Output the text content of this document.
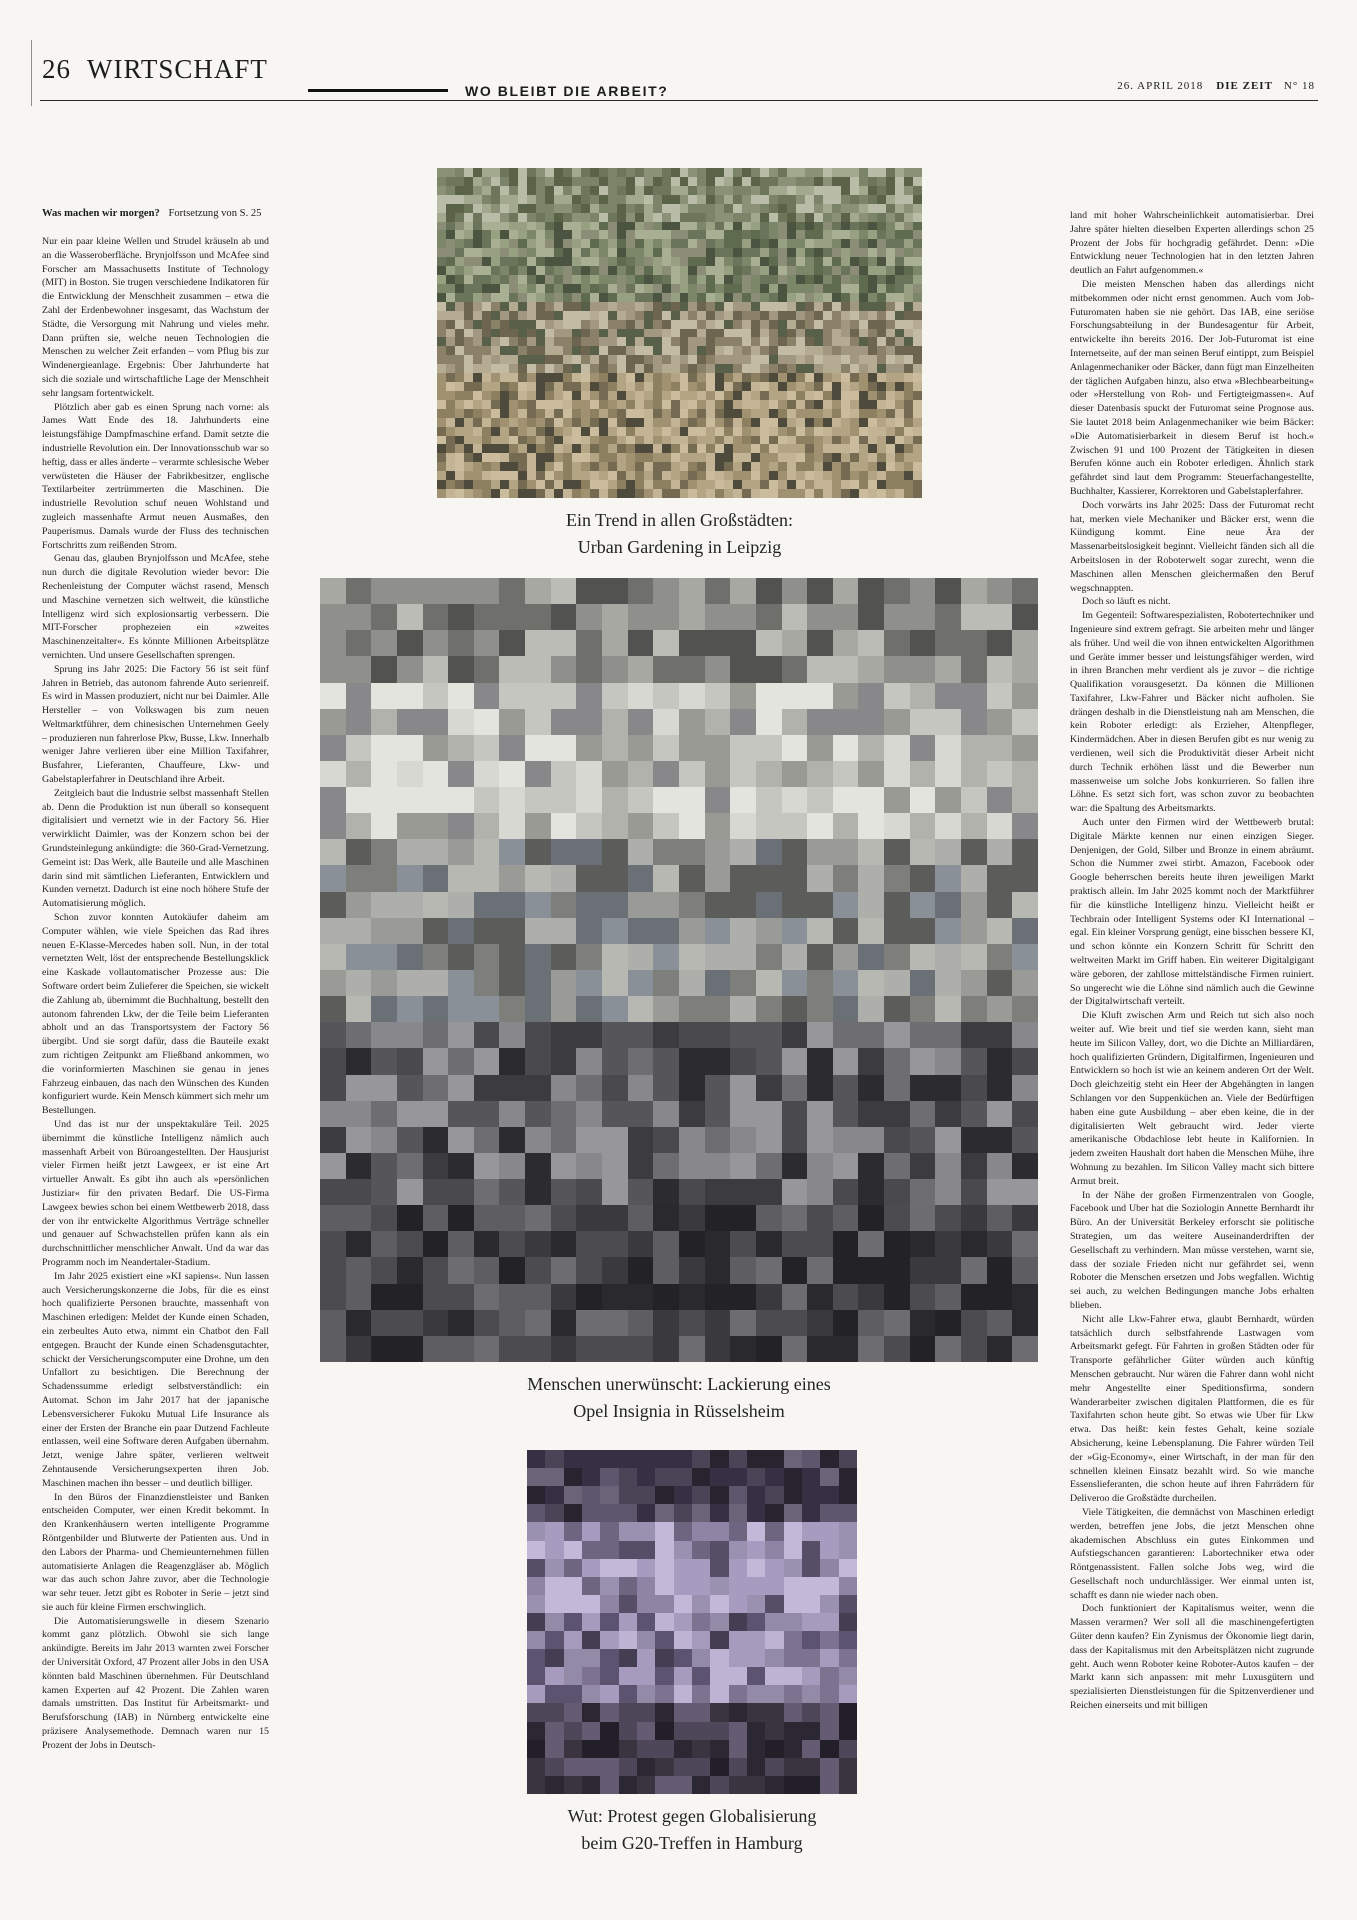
26 WIRTSCHAFT
WO BLEIBT DIE ARBEIT?	26. APRIL 2018 DIE ZEIT N° 18

Was machen wir morgen? Fortsetzung von S. 25

Nur ein paar kleine Wellen und Strudel kräuseln ab und an die Wasseroberfläche. Brynjolfsson und McAfee sind Forscher am Massachusetts Institute of Technology (MIT) in Boston. Sie trugen verschiedene Indikatoren für die Entwicklung der Menschheit zusammen – etwa die Zahl der Erdenbewohner insgesamt, das Wachstum der Städte, die Versorgung mit Nahrung und vieles mehr. Dann prüften sie, welche neuen Technologien die Menschen zu welcher Zeit erfanden – vom Pflug bis zur Windenergieanlage. Ergebnis: Über Jahrhunderte hat sich die soziale und wirtschaftliche Lage der Menschheit sehr langsam fortentwickelt.

Plötzlich aber gab es einen Sprung nach vorne: als James Watt Ende des 18. Jahrhunderts eine leistungsfähige Dampfmaschine erfand. Damit setzte die industrielle Revolution ein. Der Innovationsschub war so heftig, dass er alles änderte – verarmte schlesische Weber verwüsteten die Häuser der Fabrikbesitzer, englische Textilarbeiter zertrümmerten die Maschinen. Die industrielle Revolution schuf neuen Wohlstand und zugleich massenhafte Armut neuen Ausmaßes, den Pauperismus. Damals wurde der Fluss des technischen Fortschritts zum reißenden Strom.

Genau das, glauben Brynjolfsson und McAfee, stehe nun durch die digitale Revolution wieder bevor: Die Rechenleistung der Computer wächst rasend, Mensch und Maschine vernetzen sich weltweit, die künstliche Intelligenz wird sich explosionsartig verbessern. Die MIT-Forscher prophezeien ein »zweites Maschinenzeitalter«. Es könnte Millionen Arbeitsplätze vernichten. Und unsere Gesellschaften sprengen.

Sprung ins Jahr 2025: Die Factory 56 ist seit fünf Jahren in Betrieb, das autonom fahrende Auto serienreif. Es wird in Massen produziert, nicht nur bei Daimler. Alle Hersteller – von Volkswagen bis zum neuen Weltmarktführer, dem chinesischen Unternehmen Geely – produzieren nun fahrerlose Pkw, Busse, Lkw. Innerhalb weniger Jahre verlieren über eine Million Taxifahrer, Busfahrer, Lieferanten, Chauffeure, Lkw- und Gabelstaplerfahrer in Deutschland ihre Arbeit.

Zeitgleich baut die Industrie selbst massenhaft Stellen ab. Denn die Produktion ist nun überall so konsequent digitalisiert und vernetzt wie in der Factory 56. Hier verwirklicht Daimler, was der Konzern schon bei der Grundsteinlegung ankündigte: die 360-Grad-Vernetzung. Gemeint ist: Das Werk, alle Bauteile und alle Maschinen darin sind mit sämtlichen Lieferanten, Entwicklern und Kunden vernetzt. Dadurch ist eine noch höhere Stufe der Automatisierung möglich.

Schon zuvor konnten Autokäufer daheim am Computer wählen, wie viele Speichen das Rad ihres neuen E-Klasse-Mercedes haben soll. Nun, in der total vernetzten Welt, löst der entsprechende Bestellungsklick eine Kaskade vollautomatischer Prozesse aus: Die Software ordert beim Zulieferer die Speichen, sie wickelt die Zahlung ab, übernimmt die Buchhaltung, bestellt den autonom fahrenden Lkw, der die Teile beim Lieferanten abholt und an das Transportsystem der Factory 56 übergibt. Und sie sorgt dafür, dass die Bauteile exakt zum richtigen Zeitpunkt am Fließband ankommen, wo die vorinformierten Maschinen sie genau in jenes Fahrzeug einbauen, das nach den Wünschen des Kunden konfiguriert wurde. Kein Mensch kümmert sich mehr um Bestellungen.

Und das ist nur der unspektakuläre Teil. 2025 übernimmt die künstliche Intelligenz nämlich auch massenhaft Arbeit von Büroangestellten. Der Hausjurist vieler Firmen heißt jetzt Lawgeex, er ist eine Art virtueller Anwalt. Es gibt ihn auch als »persönlichen Justiziar« für den privaten Bedarf. Die US-Firma Lawgeex bewies schon bei einem Wettbewerb 2018, dass der von ihr entwickelte Algorithmus Verträge schneller und genauer auf Schwachstellen prüfen kann als ein durchschnittlicher menschlicher Anwalt. Und da war das Programm noch im Neandertaler-Stadium.

Im Jahr 2025 existiert eine »KI sapiens«. Nun lassen auch Versicherungskonzerne die Jobs, für die es einst hoch qualifizierte Personen brauchte, massenhaft von Maschinen erledigen: Meldet der Kunde einen Schaden, ein zerbeultes Auto etwa, nimmt ein Chatbot den Fall entgegen. Braucht der Kunde einen Schadensgutachter, schickt der Versicherungscomputer eine Drohne, um den Unfallort zu besichtigen. Die Berechnung der Schadenssumme erledigt selbstverständlich: ein Automat. Schon im Jahr 2017 hat der japanische Lebensversicherer Fukoku Mutual Life Insurance als einer der Ersten der Branche ein paar Dutzend Fachleute entlassen, weil eine Software deren Aufgaben übernahm. Jetzt, wenige Jahre später, verlieren weltweit Zehntausende Versicherungsexperten ihren Job. Maschinen machen ihn besser – und deutlich billiger.

In den Büros der Finanzdienstleister und Banken entscheiden Computer, wer einen Kredit bekommt. In den Krankenhäusern werten intelligente Programme Röntgenbilder und Blutwerte der Patienten aus. Und in den Labors der Pharma- und Chemieunternehmen füllen automatisierte Anlagen die Reagenzgläser ab. Möglich war das auch schon Jahre zuvor, aber die Technologie war sehr teuer. Jetzt gibt es Roboter in Serie – jetzt sind sie auch für kleine Firmen erschwinglich.

Die Automatisierungswelle in diesem Szenario kommt ganz plötzlich. Obwohl sie sich lange ankündigte. Bereits im Jahr 2013 warnten zwei Forscher der Universität Oxford, 47 Prozent aller Jobs in den USA könnten bald Maschinen übernehmen. Für Deutschland kamen Experten auf 42 Prozent. Die Zahlen waren damals umstritten. Das Institut für Arbeitsmarkt- und Berufsforschung (IAB) in Nürnberg entwickelte eine präzisere Analysemethode. Demnach waren nur 15 Prozent der Jobs in Deutsch-

Ein Trend in allen Großstädten:
Urban Gardening in Leipzig
Menschen unerwünscht: Lackierung eines
Opel Insignia in Rüsselsheim
Wut: Protest gegen Globalisierung
beim G20-Treffen in Hamburg

land mit hoher Wahrscheinlichkeit automatisierbar. Drei Jahre später hielten dieselben Experten allerdings schon 25 Prozent der Jobs für hochgradig gefährdet. Denn: »Die Entwicklung neuer Technologien hat in den letzten Jahren deutlich an Fahrt aufgenommen.«

Die meisten Menschen haben das allerdings nicht mitbekommen oder nicht ernst genommen. Auch vom Job-Futuromaten haben sie nie gehört. Das IAB, eine seriöse Forschungsabteilung in der Bundesagentur für Arbeit, entwickelte ihn bereits 2016. Der Job-Futuromat ist eine Internetseite, auf der man seinen Beruf eintippt, zum Beispiel Anlagenmechaniker oder Bäcker, dann fügt man Einzelheiten der täglichen Aufgaben hinzu, also etwa »Blechbearbeitung« oder »Herstellung von Roh- und Fertigteigmassen«. Auf dieser Datenbasis spuckt der Futuromat seine Prognose aus. Sie lautet 2018 beim Anlagenmechaniker wie beim Bäcker: »Die Automatisierbarkeit in diesem Beruf ist hoch.« Zwischen 91 und 100 Prozent der Tätigkeiten in diesen Berufen könne auch ein Roboter erledigen. Ähnlich stark gefährdet sind laut dem Programm: Steuerfachangestellte, Buchhalter, Kassierer, Korrektoren und Gabelstaplerfahrer.

Doch vorwärts ins Jahr 2025: Dass der Futuromat recht hat, merken viele Mechaniker und Bäcker erst, wenn die Kündigung kommt. Eine neue Ära der Massenarbeitslosigkeit beginnt. Vielleicht fänden sich all die Arbeitslosen in der Roboterwelt sogar zurecht, wenn die Maschinen allen Menschen gleichermaßen den Beruf wegschnappten.

Doch so läuft es nicht.

Im Gegenteil: Softwarespezialisten, Robotertechniker und Ingenieure sind extrem gefragt. Sie arbeiten mehr und länger als früher. Und weil die von ihnen entwickelten Algorithmen und Geräte immer besser und leistungsfähiger werden, wird in ihren Branchen mehr verdient als je zuvor – die richtige Qualifikation vorausgesetzt. Da können die Millionen Taxifahrer, Lkw-Fahrer und Bäcker nicht aufholen. Sie drängen deshalb in die Dienstleistung nah am Menschen, die kein Roboter erledigt: als Erzieher, Altenpfleger, Kindermädchen. Aber in diesen Berufen gibt es nur wenig zu verdienen, weil sich die Produktivität dieser Arbeit nicht durch Technik erhöhen lässt und die Bewerber nun massenweise um solche Jobs konkurrieren. So fallen ihre Löhne. Es setzt sich fort, was schon zuvor zu beobachten war: die Spaltung des Arbeitsmarkts.

Auch unter den Firmen wird der Wettbewerb brutal: Digitale Märkte kennen nur einen einzigen Sieger. Denjenigen, der Gold, Silber und Bronze in einem abräumt. Schon die Nummer zwei stirbt. Amazon, Facebook oder Google beherrschen bereits heute ihren jeweiligen Markt praktisch allein. Im Jahr 2025 kommt noch der Marktführer für die künstliche Intelligenz hinzu. Vielleicht heißt er Techbrain oder Intelligent Systems oder KI International – egal. Ein kleiner Vorsprung genügt, eine bisschen bessere KI, und schon könnte ein Konzern Schritt für Schritt den weltweiten Markt im Griff haben. Ein weiterer Digitalgigant wäre geboren, der zahllose mittelständische Firmen ruiniert. So ungerecht wie die Löhne sind nämlich auch die Gewinne der Digitalwirtschaft verteilt.

Die Kluft zwischen Arm und Reich tut sich also noch weiter auf. Wie breit und tief sie werden kann, sieht man heute im Silicon Valley, dort, wo die Dichte an Milliardären, hoch qualifizierten Gründern, Digitalfirmen, Ingenieuren und Entwicklern so hoch ist wie an keinem anderen Ort der Welt. Doch gleichzeitig steht ein Heer der Abgehängten in langen Schlangen vor den Suppenküchen an. Viele der Bedürftigen haben eine gute Ausbildung – aber eben keine, die in der digitalisierten Welt gebraucht wird. Jeder vierte amerikanische Obdachlose lebt heute in Kalifornien. In jedem zweiten Haushalt dort haben die Menschen Mühe, ihre Wohnung zu bezahlen. Im Silicon Valley macht sich bittere Armut breit.

In der Nähe der großen Firmenzentralen von Google, Facebook und Uber hat die Soziologin Annette Bernhardt ihr Büro. An der Universität Berkeley erforscht sie politische Strategien, um das weitere Auseinanderdriften der Gesellschaft zu verhindern. Man müsse verstehen, warnt sie, dass der soziale Frieden nicht nur gefährdet sei, wenn Roboter die Menschen ersetzen und Jobs wegfallen. Wichtig sei auch, zu welchen Bedingungen manche Jobs erhalten blieben.

Nicht alle Lkw-Fahrer etwa, glaubt Bernhardt, würden tatsächlich durch selbstfahrende Lastwagen vom Arbeitsmarkt gefegt. Für Fahrten in großen Städten oder für Transporte gefährlicher Güter würden auch künftig Menschen gebraucht. Nur wären die Fahrer dann wohl nicht mehr Angestellte einer Speditionsfirma, sondern Wanderarbeiter zwischen digitalen Plattformen, die es für Taxifahrten schon heute gibt. So etwas wie Uber für Lkw etwa. Das heißt: kein festes Gehalt, keine soziale Absicherung, keine Lebensplanung. Die Fahrer würden Teil der »Gig-Economy«, einer Wirtschaft, in der man für den schnellen kleinen Einsatz bezahlt wird. So wie manche Essenslieferanten, die schon heute auf ihren Fahrrädern für Deliveroo die Großstädte durcheilen.

Viele Tätigkeiten, die demnächst von Maschinen erledigt werden, betreffen jene Jobs, die jetzt Menschen ohne akademischen Abschluss ein gutes Einkommen und Aufstiegschancen garantieren: Labortechniker etwa oder Röntgenassistent. Fallen solche Jobs weg, wird die Gesellschaft noch undurchlässiger. Wer einmal unten ist, schafft es dann nie wieder nach oben.

Doch funktioniert der Kapitalismus weiter, wenn die Massen verarmen? Wer soll all die maschinengefertigten Güter denn kaufen? Ein Zynismus der Ökonomie liegt darin, dass der Kapitalismus mit den Arbeitsplätzen nicht zugrunde geht. Auch wenn Roboter keine Roboter-Autos kaufen – der Markt kann sich anpassen: mit mehr Luxusgütern und spezialisierten Dienstleistungen für die Spitzenverdiener und Reichen einerseits und mit billigen
